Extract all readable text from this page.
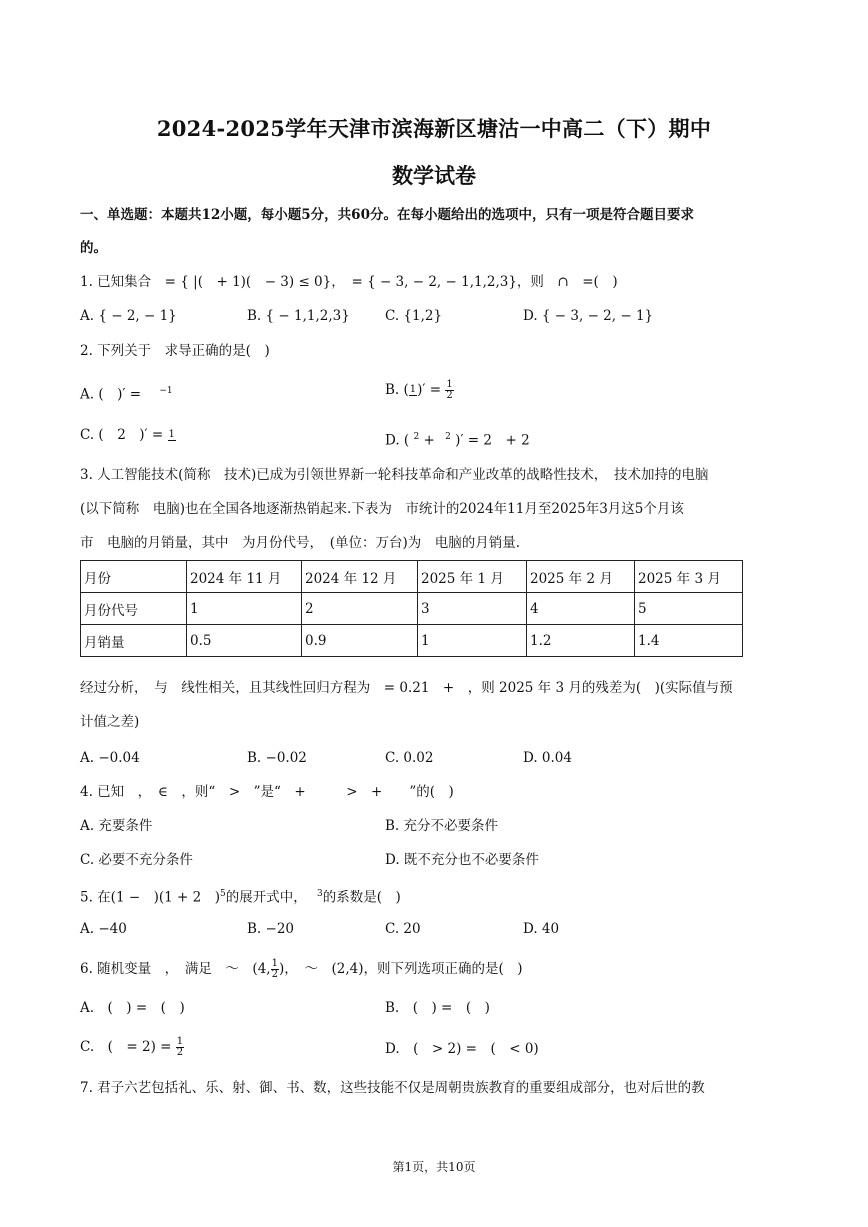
2024-2025学年天津市滨海新区塘沽一中高二（下）期中
数学试卷
一、单选题：本题共12小题，每小题5分，共60分。在每小题给出的选项中，只有一项是符合题目要求
的。
1. 已知集合　= { |(　+ 1)(　− 3) ≤ 0}，　= { − 3, − 2, − 1,1,2,3}，则　∩　=(　)
A. { − 2, − 1}	B. { − 1,1,2,3}	C. {1,2}	D. { − 3, − 2, − 1}
2. 下列关于　求导正确的是(　)
A. (　)′ = $^{-1}$	B. ( 1 )′ = $\frac{1}{2}$
C. (　2　)′ = 1	D. ( $^2$ + $^2$ )′ = 2　+ 2
3. 人工智能技术(简称　技术)已成为引领世界新一轮科技革命和产业改革的战略性技术，　技术加持的电脑
(以下简称　电脑)也在全国各地逐渐热销起来.下表为　市统计的2024年11月至2025年3月这5个月该
市　电脑的月销量，其中　为月份代号，　(单位：万台)为　电脑的月销量.
月份	2024 年 11 月	2024 年 12 月	2025 年 1 月	2025 年 2 月	2025 年 3 月
月份代号	1	2	3	4	5
月销量	0.5	0.9	1	1.2	1.4
经过分析，　与　线性相关，且其线性回归方程为　= 0.21　+　，则 2025 年 3 月的残差为(　)(实际值与预
计值之差)
A. −0.04	B. −0.02	C. 0.02	D. 0.04
4. 已知　，　∈　，则“　>　”是“　+　　　>　+　　”的(　)
A. 充要条件	B. 充分不必要条件
C. 必要不充分条件	D. 既不充分也不必要条件
5. 在(1 −　)(1 + 2　)$^5$的展开式中， $^3$的系数是(　)
A. −40	B. −20	C. 20	D. 40
6. 随机变量　，　满足　～　(4, $\frac{1}{2}$ )，　～　(2,4)，则下列选项正确的是(　)
A.　(　) =　(　)	B.　(　) =　(　)
C.　(　= $2) = \frac{1}{2}$	D.　(　> 2) =　(　< 0)
7. 君子六艺包括礼、乐、射、御、书、数，这些技能不仅是周朝贵族教育的重要组成部分，也对后世的教
第1页，共10页
